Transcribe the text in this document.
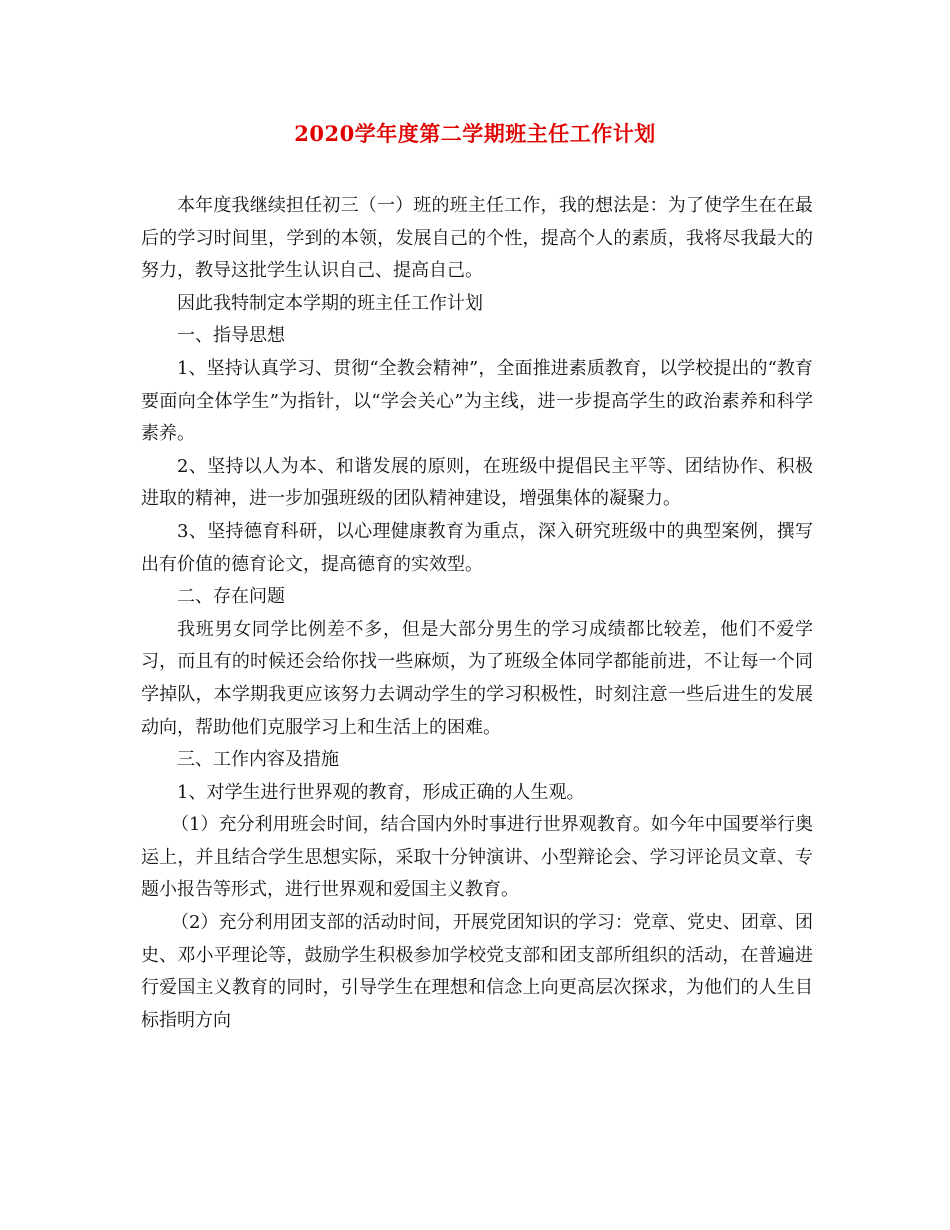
2020学年度第二学期班主任工作计划

本年度我继续担任初三（一）班的班主任工作，我的想法是：为了使学生在在最后的学习时间里，学到的本领，发展自己的个性，提高个人的素质，我将尽我最大的努力，教导这批学生认识自己、提高自己。

因此我特制定本学期的班主任工作计划

一、指导思想

1、坚持认真学习、贯彻“全教会精神”，全面推进素质教育，以学校提出的“教育要面向全体学生”为指针，以“学会关心”为主线，进一步提高学生的政治素养和科学素养。

2、坚持以人为本、和谐发展的原则，在班级中提倡民主平等、团结协作、积极进取的精神，进一步加强班级的团队精神建设，增强集体的凝聚力。

3、坚持德育科研，以心理健康教育为重点，深入研究班级中的典型案例，撰写出有价值的德育论文，提高德育的实效型。

二、存在问题

我班男女同学比例差不多，但是大部分男生的学习成绩都比较差，他们不爱学习，而且有的时候还会给你找一些麻烦，为了班级全体同学都能前进，不让每一个同学掉队，本学期我更应该努力去调动学生的学习积极性，时刻注意一些后进生的发展动向，帮助他们克服学习上和生活上的困难。

三、工作内容及措施

1、对学生进行世界观的教育，形成正确的人生观。

（1）充分利用班会时间，结合国内外时事进行世界观教育。如今年中国要举行奥运上，并且结合学生思想实际，采取十分钟演讲、小型辩论会、学习评论员文章、专题小报告等形式，进行世界观和爱国主义教育。

（2）充分利用团支部的活动时间，开展党团知识的学习：党章、党史、团章、团史、邓小平理论等，鼓励学生积极参加学校党支部和团支部所组织的活动，在普遍进行爱国主义教育的同时，引导学生在理想和信念上向更高层次探求，为他们的人生目标指明方向
